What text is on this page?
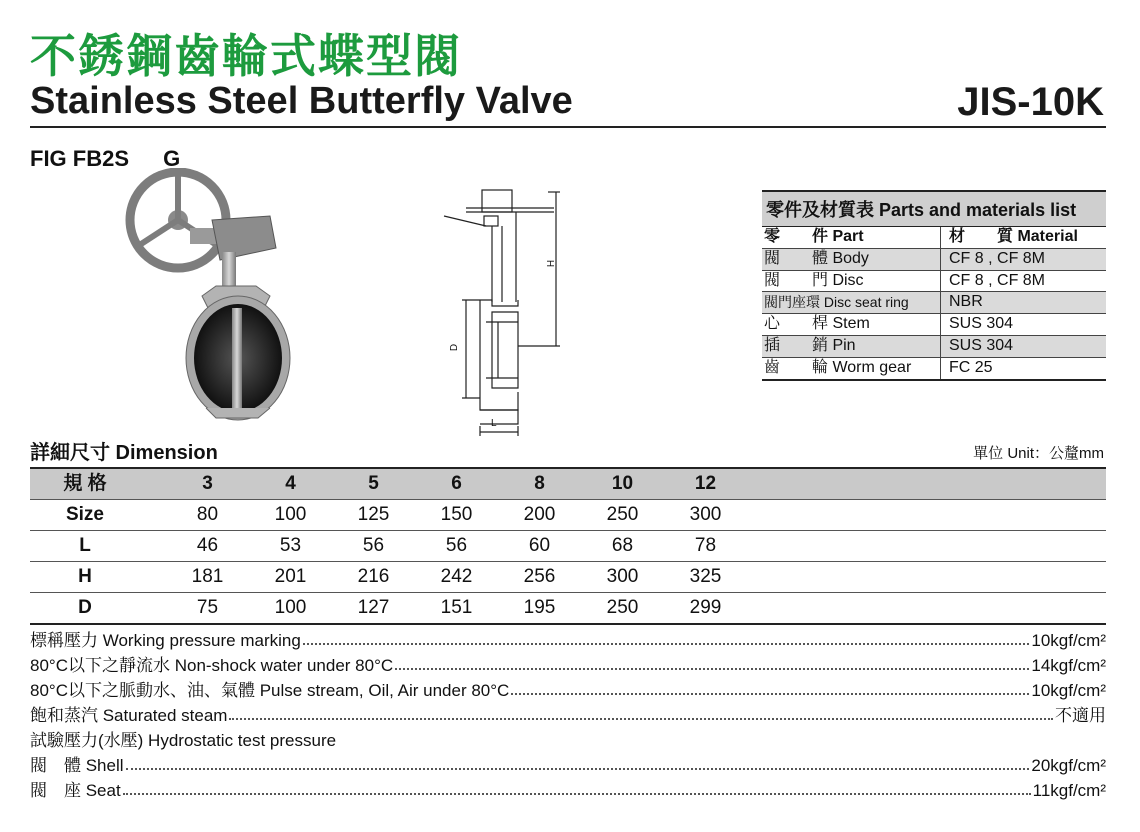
不銹鋼齒輪式蝶型閥
Stainless Steel Butterfly Valve	JIS-10K
FIG FB2S G
H
D
L
零件及材質表 Parts and materials list
零　　件 Part	材　　質 Material
閥　　體 Body	CF 8 , CF 8M
閥　　門 Disc	CF 8 , CF 8M
閥門座環 Disc seat ring	NBR
心　　桿 Stem	SUS 304
插　　銷 Pin	SUS 304
齒　　輪 Worm gear	FC 25
詳細尺寸 Dimension	單位 Unit：公釐mm
規 格	3	4	5	6	8	10	12
Size	80	100	125	150	200	250	300
L	46	53	56	56	60	68	78
H	181	201	216	242	256	300	325
D	75	100	127	151	195	250	299
標稱壓力 Working pressure marking	10kgf/cm²
80°C以下之靜流水 Non-shock water under 80°C	14kgf/cm²
80°C以下之脈動水、油、氣體 Pulse stream, Oil, Air under 80°C	10kgf/cm²
飽和蒸汽 Saturated steam	不適用
試驗壓力(水壓) Hydrostatic test pressure
閥　體 Shell	20kgf/cm²
閥　座 Seat	11kgf/cm²
